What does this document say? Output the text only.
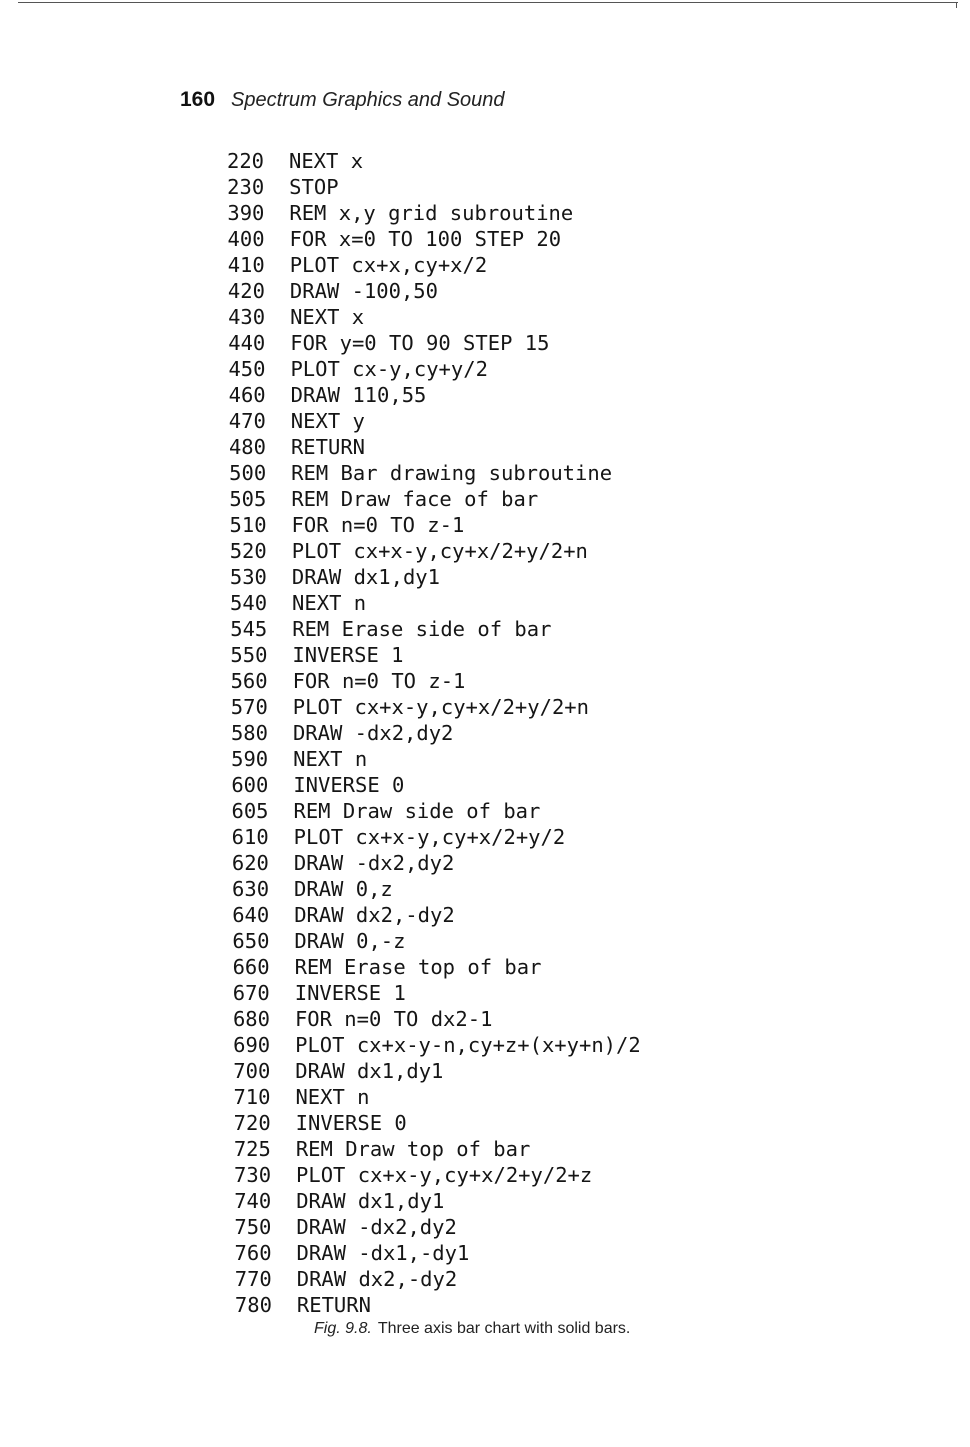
160 Spectrum Graphics and Sound
220 NEXT x
230 STOP
390 REM x,y grid subroutine
400 FOR x=0 TO 100 STEP 20
410 PLOT cx+x,cy+x/2
420 DRAW -100,50
430 NEXT x
440 FOR y=0 TO 90 STEP 15
450 PLOT cx-y,cy+y/2
460 DRAW 110,55
470 NEXT y
480 RETURN
500 REM Bar drawing subroutine
505 REM Draw face of bar
510 FOR n=0 TO z-1
520 PLOT cx+x-y,cy+x/2+y/2+n
530 DRAW dx1,dy1
540 NEXT n
545 REM Erase side of bar
550 INVERSE 1
560 FOR n=0 TO z-1
570 PLOT cx+x-y,cy+x/2+y/2+n
580 DRAW -dx2,dy2
590 NEXT n
600 INVERSE 0
605 REM Draw side of bar
610 PLOT cx+x-y,cy+x/2+y/2
620 DRAW -dx2,dy2
630 DRAW 0,z
640 DRAW dx2,-dy2
650 DRAW 0,-z
660 REM Erase top of bar
670 INVERSE 1
680 FOR n=0 TO dx2-1
690 PLOT cx+x-y-n,cy+z+(x+y+n)/2
700 DRAW dx1,dy1
710 NEXT n
720 INVERSE 0
725 REM Draw top of bar
730 PLOT cx+x-y,cy+x/2+y/2+z
740 DRAW dx1,dy1
750 DRAW -dx2,dy2
760 DRAW -dx1,-dy1
770 DRAW dx2,-dy2
780 RETURN
Fig. 9.8. Three axis bar chart with solid bars.
